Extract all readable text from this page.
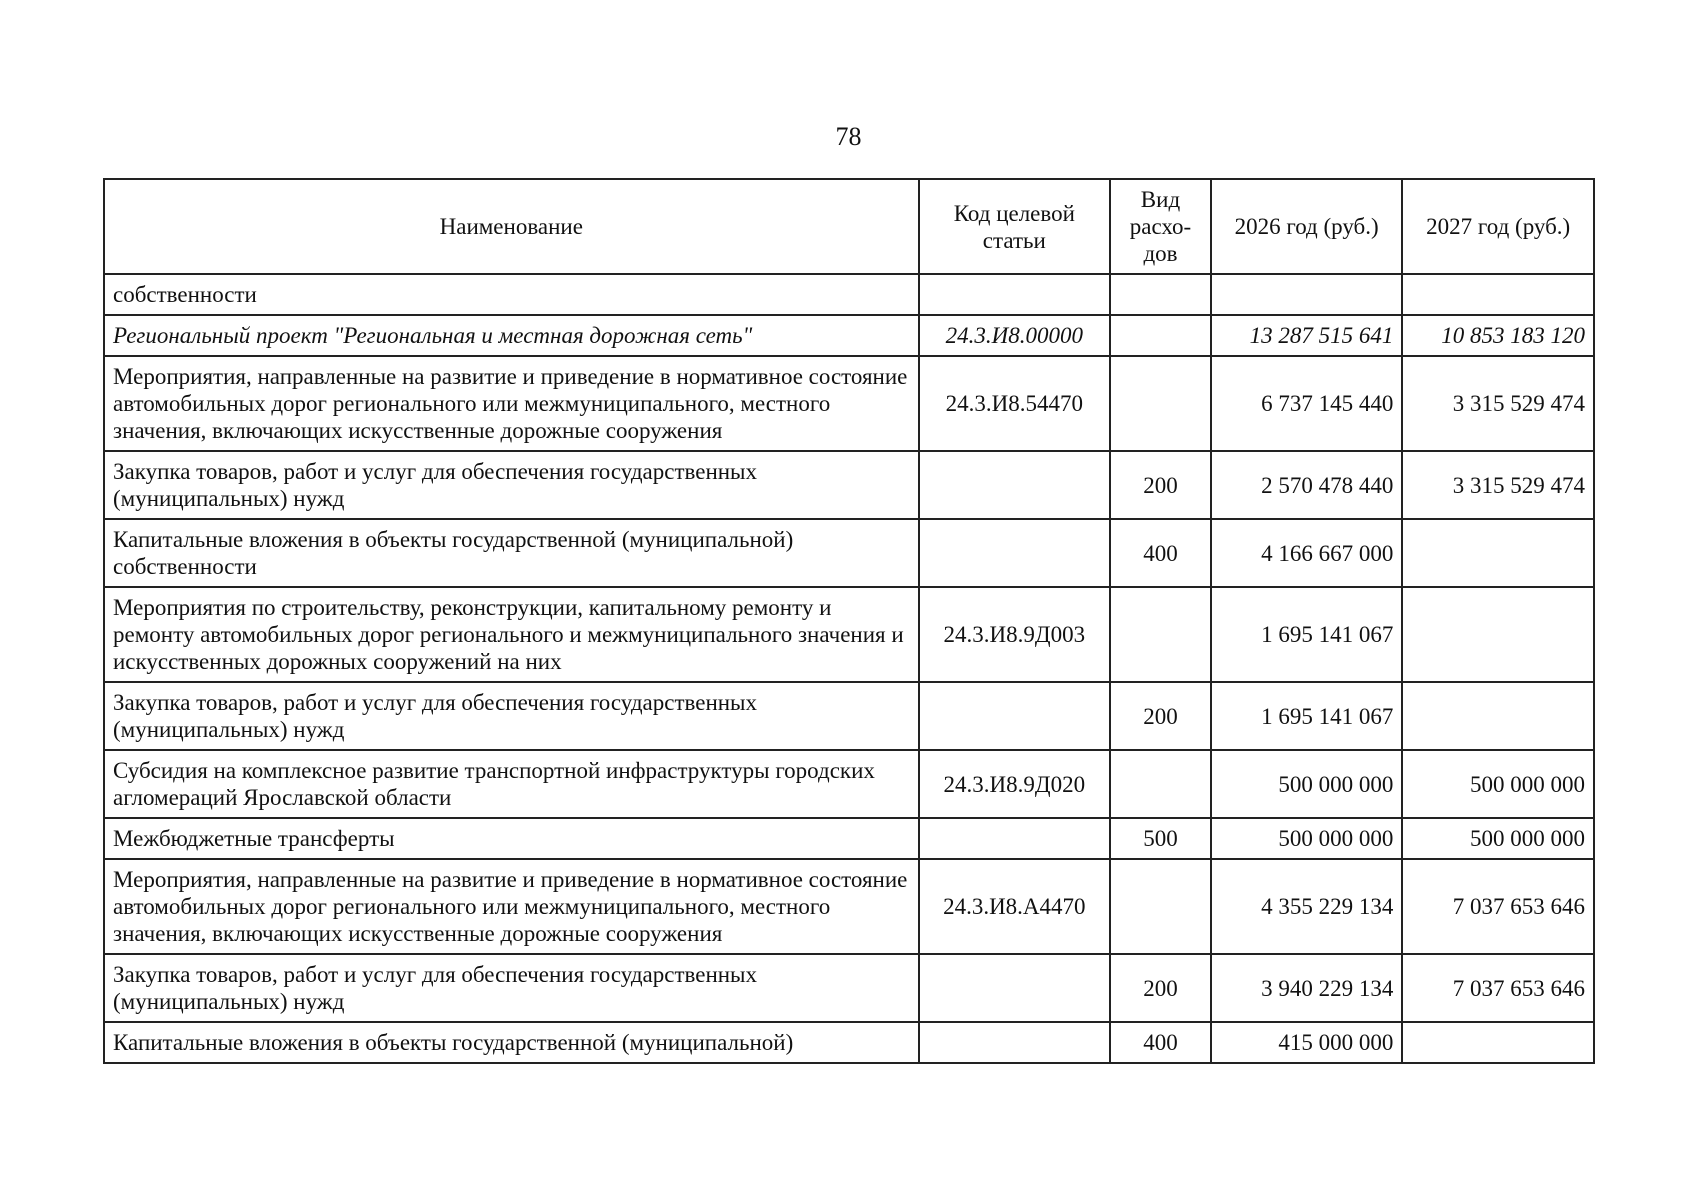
78
Наименование	Код целевой статьи	Вид расхо-дов	2026 год (руб.)	2027 год (руб.)
собственности				
Региональный проект "Региональная и местная дорожная сеть"	24.3.И8.00000		13 287 515 641	10 853 183 120
Мероприятия, направленные на развитие и приведение в нормативное состояние автомобильных дорог регионального или межмуниципального, местного значения, включающих искусственные дорожные сооружения	24.3.И8.54470		6 737 145 440	3 315 529 474
Закупка товаров, работ и услуг для обеспечения государственных (муниципальных) нужд		200	2 570 478 440	3 315 529 474
Капитальные вложения в объекты государственной (муниципальной) собственности		400	4 166 667 000	
Мероприятия по строительству, реконструкции, капитальному ремонту и ремонту автомобильных дорог регионального и межмуниципального значения и искусственных дорожных сооружений на них	24.3.И8.9Д003		1 695 141 067	
Закупка товаров, работ и услуг для обеспечения государственных (муниципальных) нужд		200	1 695 141 067	
Субсидия на комплексное развитие транспортной инфраструктуры городских агломераций Ярославской области	24.3.И8.9Д020		500 000 000	500 000 000
Межбюджетные трансферты		500	500 000 000	500 000 000
Мероприятия, направленные на развитие и приведение в нормативное состояние автомобильных дорог регионального или межмуниципального, местного значения, включающих искусственные дорожные сооружения	24.3.И8.А4470		4 355 229 134	7 037 653 646
Закупка товаров, работ и услуг для обеспечения государственных (муниципальных) нужд		200	3 940 229 134	7 037 653 646
Капитальные вложения в объекты государственной (муниципальной)		400	415 000 000	
